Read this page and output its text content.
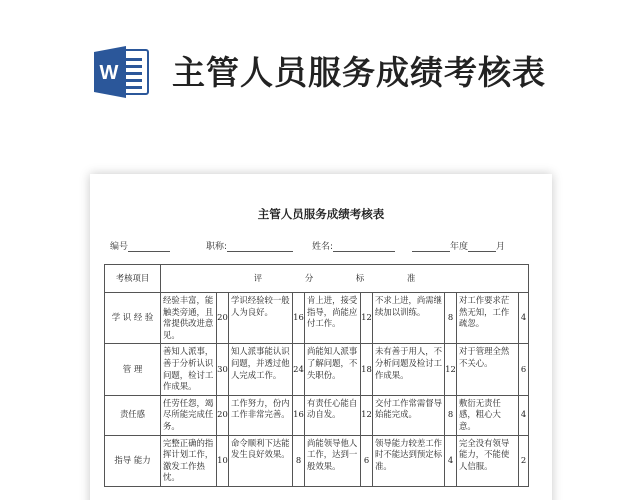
W 主管人员服务成绩考核表
主管人员服务成绩考核表
编号	职称:	姓名:	年度	月
考核项目	评 分 标 准									
学 识 经 验	经验丰富，能触类旁通，且常提供改进意见。	20	学识经验较一般人为良好。	16	肯上进，接受指导，尚能应付工作。	12	不求上进，尚需继续加以训练。	8	对工作要求茫然无知，工作疏忽。	4
管 理	善知人派事，善于分析认识问题，检讨工作成果。	30	知人派事能认识问题，并透过他人完成工作。	24	尚能知人派事了解问题，不失职份。	18	未有善于用人，不分析问题及检讨工作成果。	12	对于管理全然不关心。	6
责任感	任劳任怨，竭尽所能完成任务。	20	工作努力，份内工作非常完善。	16	有责任心能自动自发。	12	交付工作常需督导始能完成。	8	敷衍无责任感，粗心大意。	4
指导 能力	完整正确的指挥计划工作，激发工作热忱。	10	命令顺利下达能发生良好效果。	8	尚能领导他人工作，达到一般效果。	6	领导能力较差工作时不能达到预定标准。	4	完全没有领导能力，不能使人信服。	2
